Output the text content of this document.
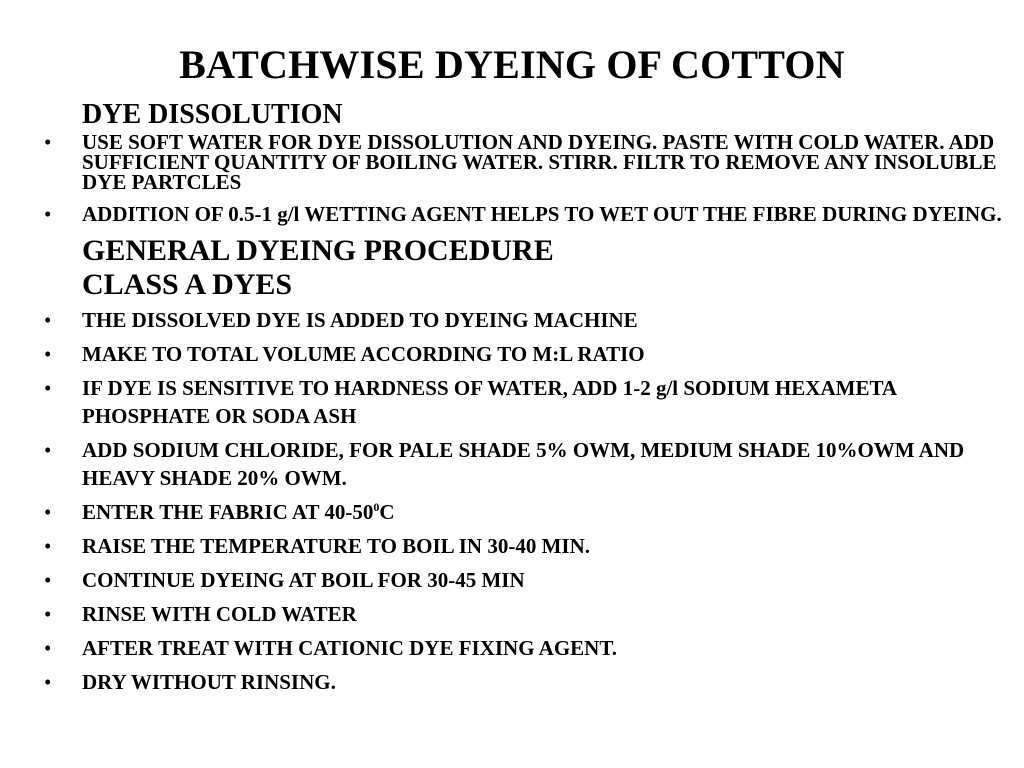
BATCHWISE DYEING OF COTTON

DYE DISSOLUTION

•	USE SOFT WATER FOR DYE DISSOLUTION AND DYEING. PASTE WITH COLD WATER. ADD SUFFICIENT QUANTITY OF BOILING WATER. STIRR. FILTR TO REMOVE ANY INSOLUBLE DYE PARTCLES
•	ADDITION OF 0.5-1 g/l WETTING AGENT HELPS TO WET OUT THE FIBRE DURING DYEING.

GENERAL DYEING PROCEDURE

CLASS A DYES

•	THE DISSOLVED DYE IS ADDED TO DYEING MACHINE
•	MAKE TO TOTAL VOLUME ACCORDING TO M:L RATIO
•	IF DYE IS SENSITIVE TO HARDNESS OF WATER, ADD 1-2 g/l SODIUM HEXAMETA PHOSPHATE OR SODA ASH
•	ADD SODIUM CHLORIDE, FOR PALE SHADE 5% OWM, MEDIUM SHADE 10%OWM AND HEAVY SHADE 20% OWM.
•	ENTER THE FABRIC AT $40-50^0C$
•	RAISE THE TEMPERATURE TO BOIL IN 30-40 MIN.
•	CONTINUE DYEING AT BOIL FOR 30-45 MIN
•	RINSE WITH COLD WATER
•	AFTER TREAT WITH CATIONIC DYE FIXING AGENT.
•	DRY WITHOUT RINSING.
